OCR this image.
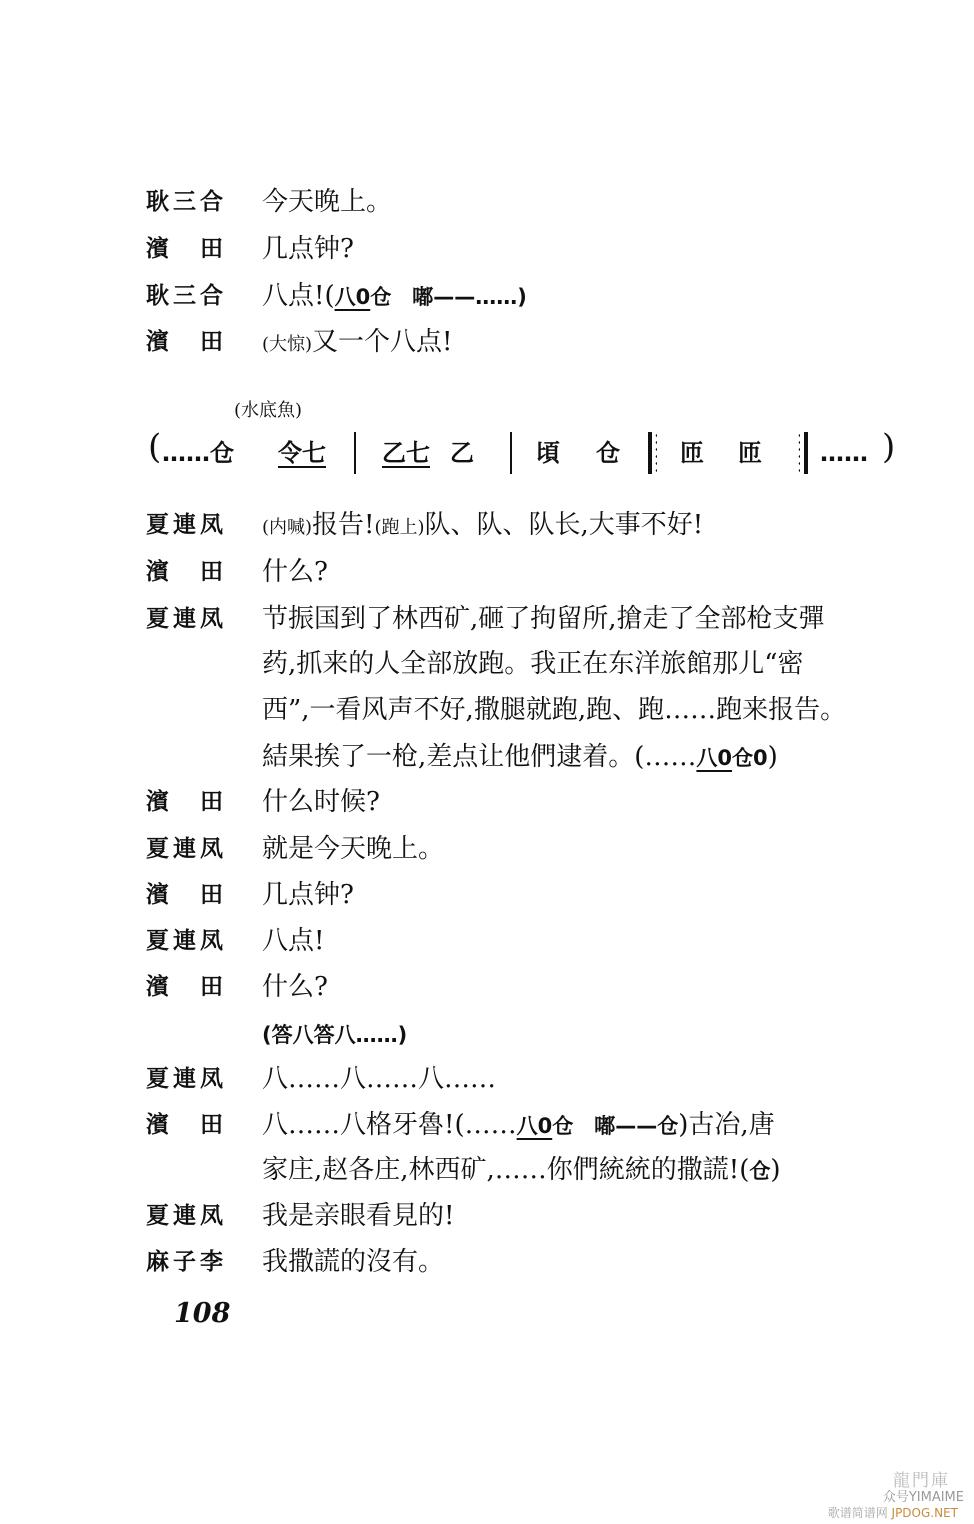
耿三合 今天晚上。
濱　田 几点钟?
耿三合 八点!(八0仓　嘟——……)
濱　田 (大惊)又一个八点!
夏連凤 (内喊)报告!(跑上)队、队、队长,大事不好!
濱　田 什么?
夏連凤 节振国到了林西矿,砸了拘留所,搶走了全部枪支彈
药,抓来的人全部放跑。我正在东洋旅館那儿“密
西”,一看风声不好,撒腿就跑,跑、跑……跑来报告。
結果挨了一枪,差点让他們逮着。(……八0仓0)
濱　田 什么时候?
夏連凤 就是今天晚上。
濱　田 几点钟?
夏連凤 八点!
濱　田 什么?
(答八答八……)
夏連凤 八……八……八……
濱　田 八……八格牙魯!(……八0仓　嘟——仓)古冶,唐
家庄,赵各庄,林西矿,……你們統統的撒謊!(仓)
夏連凤 我是亲眼看見的!
麻子李 我撒謊的沒有。
(水底魚)
( ……仓 令七 乙七 乙	頃 仓	匝 匝 …… )
108
龍門庫
众号YIMAIME
歌谱简谱网 JPDOG.NET
